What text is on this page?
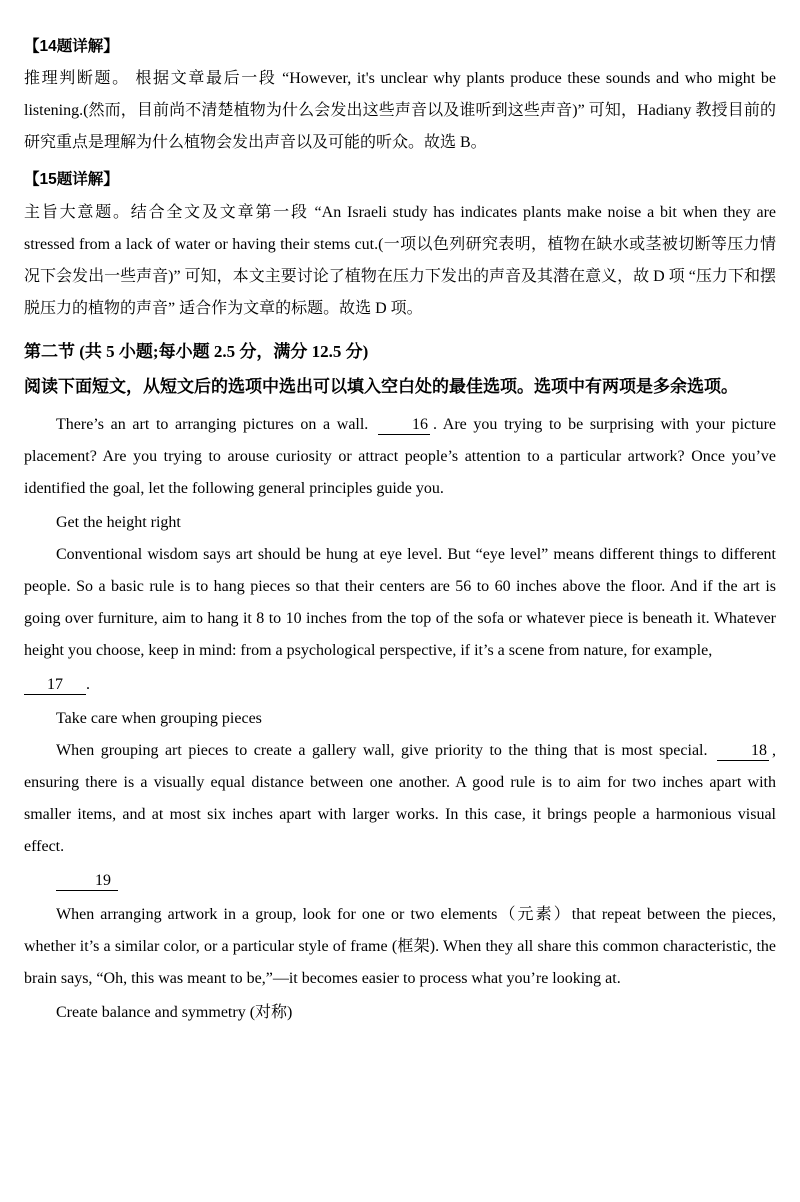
【14题详解】
推理判断题。 根据文章最后一段 “However, it's unclear why plants produce these sounds and who might be listening.(然而，目前尚不清楚植物为什么会发出这些声音以及谁听到这些声音)” 可知，Hadiany 教授目前的研究重点是理解为什么植物会发出声音以及可能的听众。故选 B。
【15题详解】
主旨大意题。结合全文及文章第一段 “An Israeli study has indicates plants make noise a bit when they are stressed from a lack of water or having their stems cut.(一项以色列研究表明，植物在缺水或茎被切断等压力情况下会发出一些声音)” 可知，本文主要讨论了植物在压力下发出的声音及其潜在意义，故 D 项 “压力下和摆脱压力的植物的声音” 适合作为文章的标题。故选 D 项。
第二节 (共 5 小题;每小题 2.5 分，满分 12.5 分)
阅读下面短文，从短文后的选项中选出可以填入空白处的最佳选项。选项中有两项是多余选项。

There’s an art to arranging pictures on a wall.	16 . Are you trying to be surprising with your picture placement? Are you trying to arouse curiosity or attract people’s attention to a particular artwork? Once you’ve identified the goal, let the following general principles guide you.

Get the height right

Conventional wisdom says art should be hung at eye level. But “eye level” means different things to different people. So a basic rule is to hang pieces so that their centers are 56 to 60 inches above the floor. And if the art is going over furniture, aim to hang it 8 to 10 inches from the top of the sofa or whatever piece is beneath it. Whatever height you choose, keep in mind: from a psychological perspective, if it’s a scene from nature, for example,

17 .

Take care when grouping pieces

When grouping art pieces to create a gallery wall, give priority to the thing that is most special.	18 , ensuring there is a visually equal distance between one another. A good rule is to aim for two inches apart with smaller items, and at most six inches apart with larger works. In this case, it brings people a harmonious visual effect.

19

When arranging artwork in a group, look for one or two elements（元素）that repeat between the pieces, whether it’s a similar color, or a particular style of frame (框架). When they all share this common characteristic, the brain says, “Oh, this was meant to be,”—it becomes easier to process what you’re looking at.

Create balance and symmetry (对称)
